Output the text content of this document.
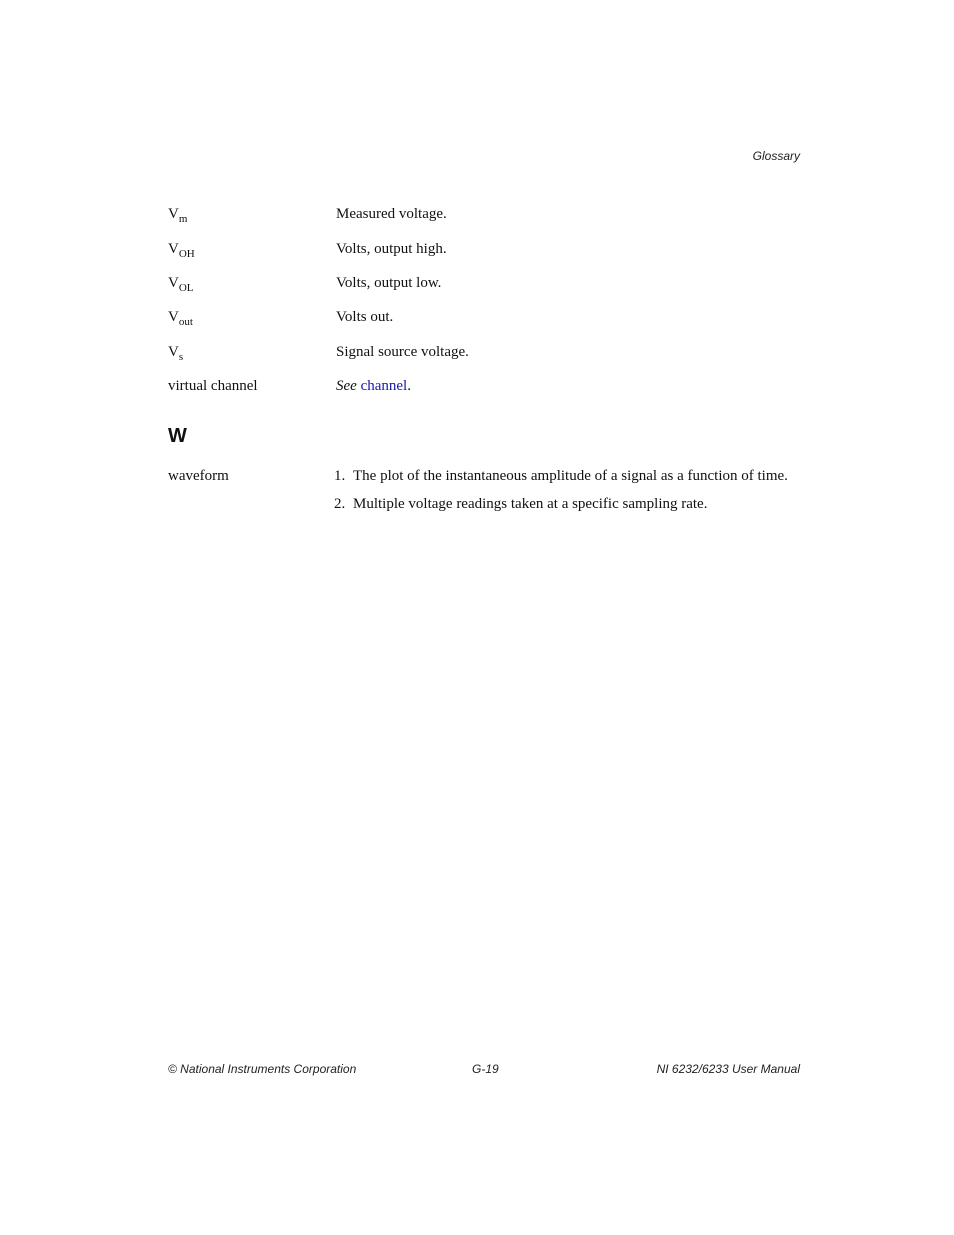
Glossary
$V_m$	Measured voltage.
$V_{OH}$	Volts, output high.
$V_{OL}$	Volts, output low.
$V_{out}$	Volts out.
$V_s$	Signal source voltage.
virtual channel	See channel.
W
waveform	1. The plot of the instantaneous amplitude of a signal as a function of time.
2. Multiple voltage readings taken at a specific sampling rate.
© National Instruments Corporation	G-19	NI 6232/6233 User Manual
